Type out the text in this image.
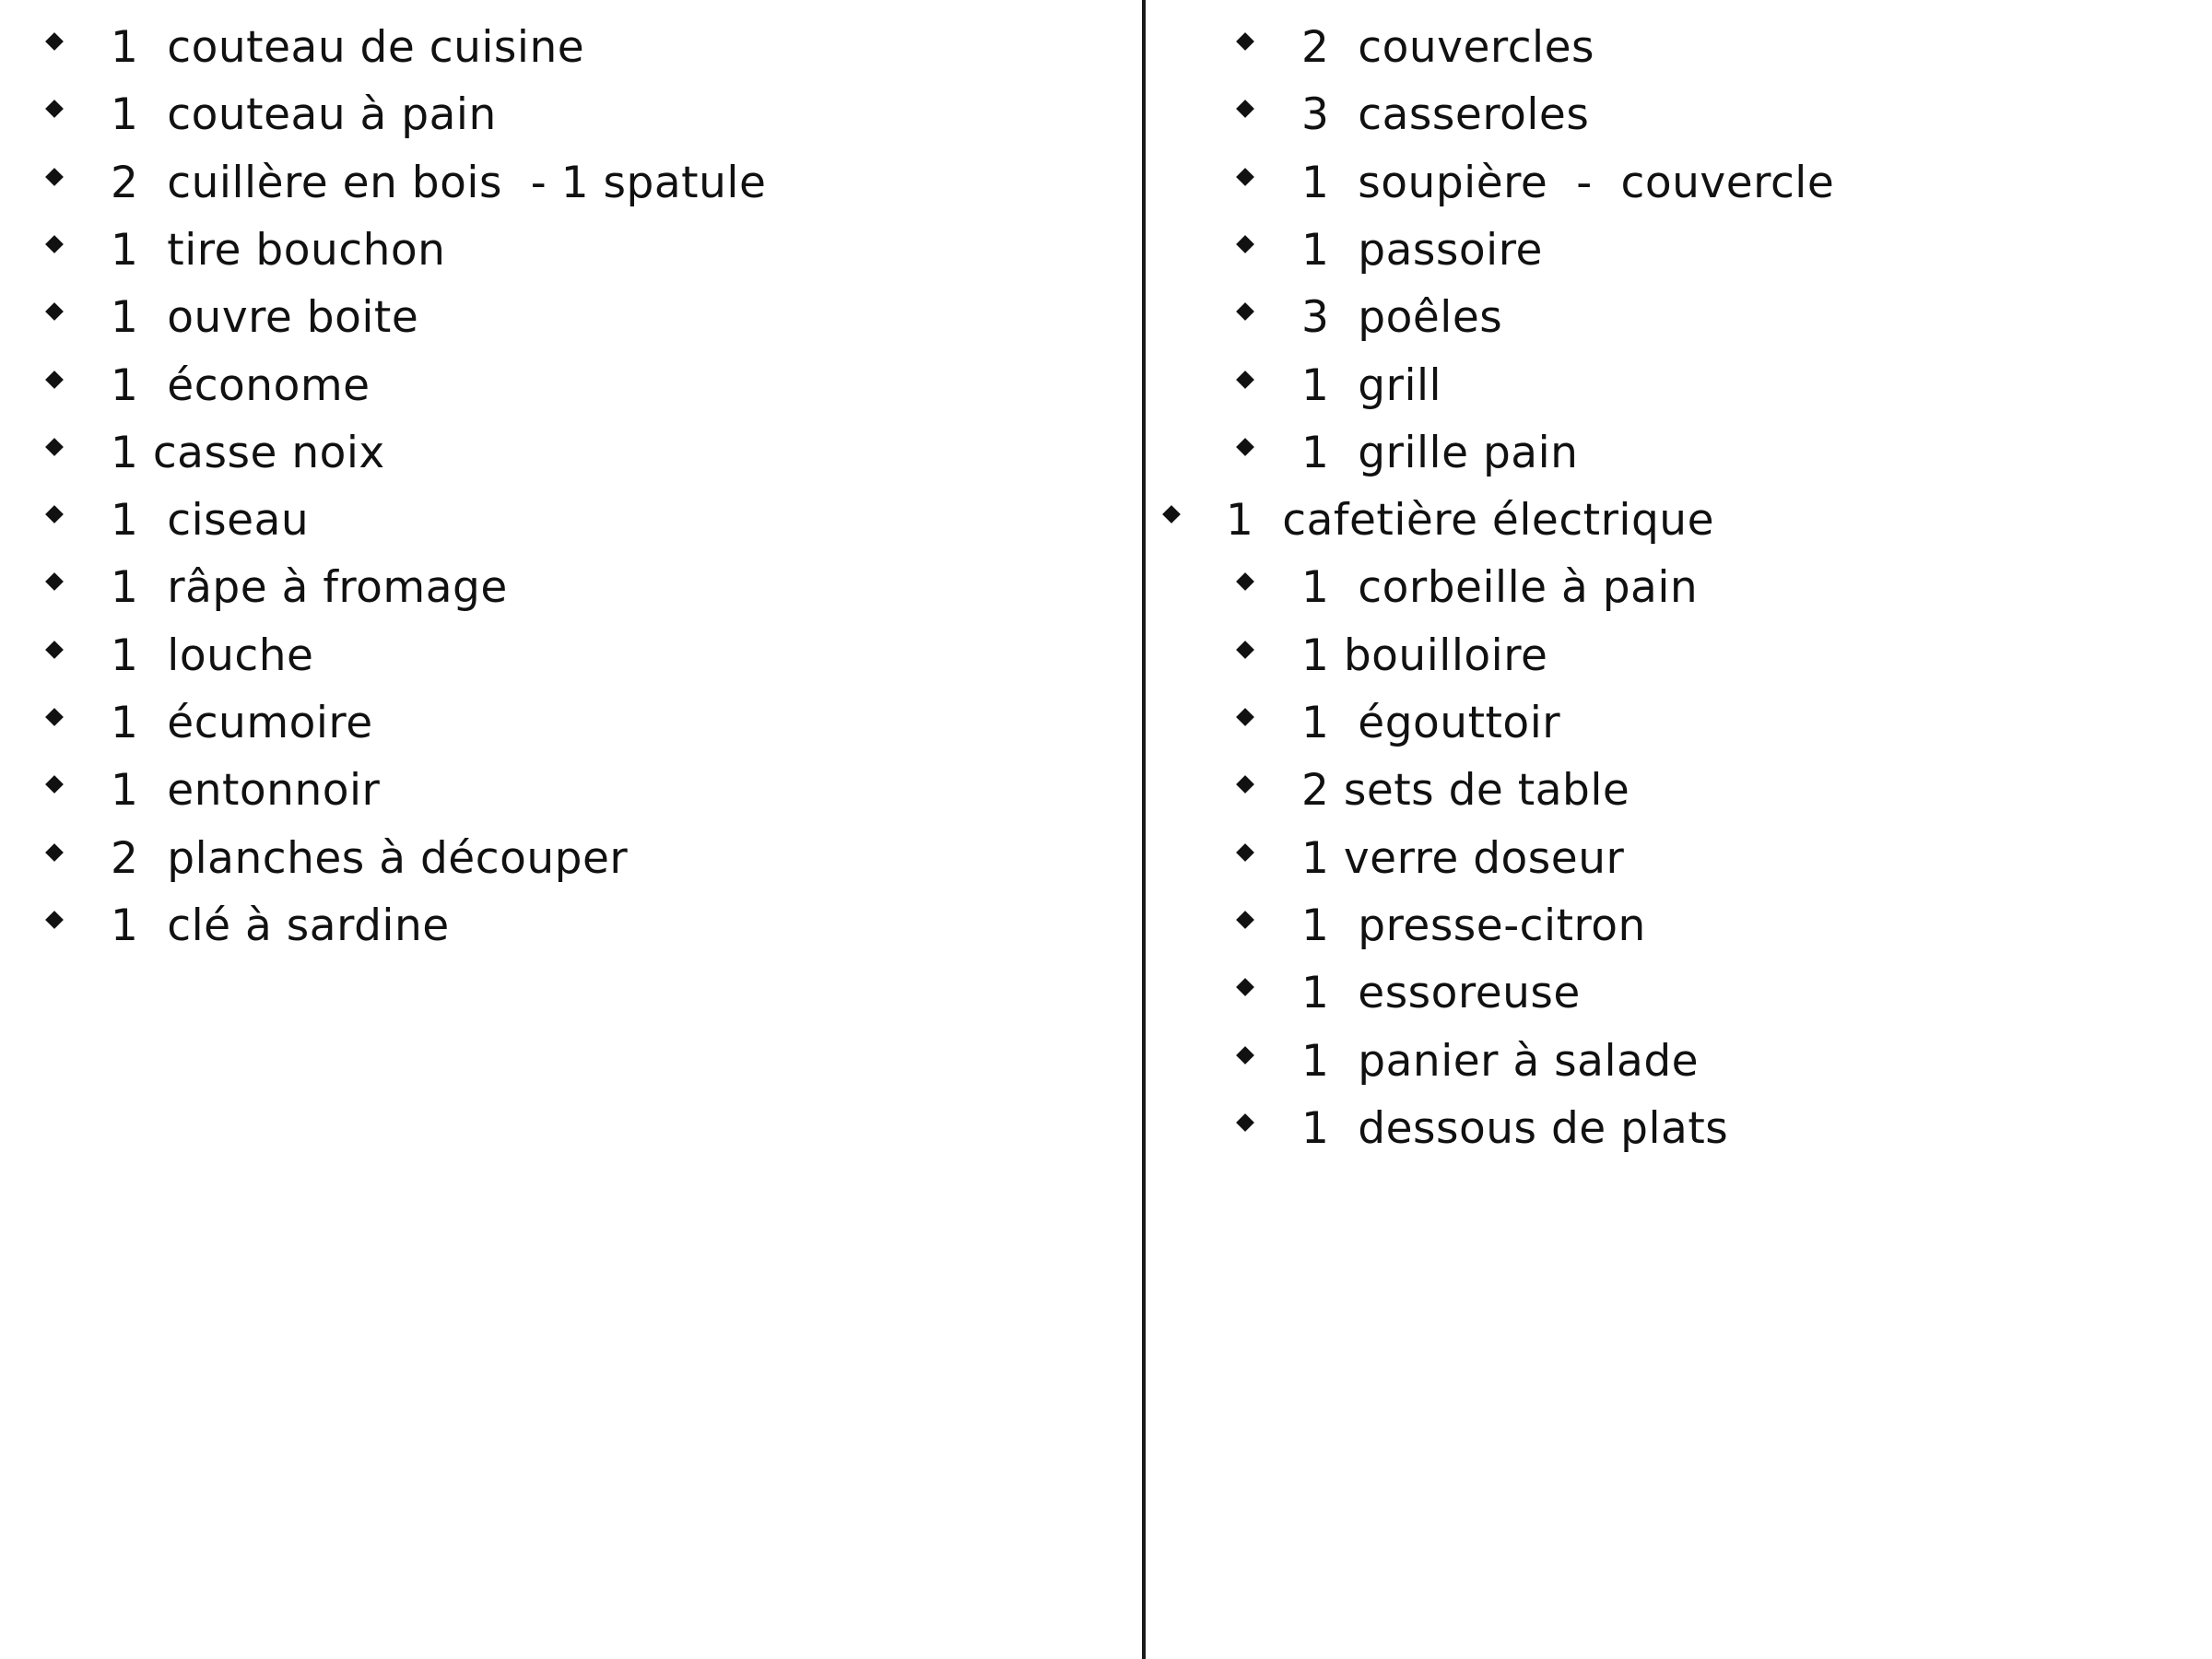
1  couteau de cuisine
1  couteau à pain
2  cuillère en bois  - 1 spatule
1  tire bouchon
1  ouvre boite
1  économe
1 casse noix
1  ciseau
1  râpe à fromage
1  louche
1  écumoire
1  entonnoir
2  planches à découper
1  clé à sardine
2  couvercles
3  casseroles
1  soupière  -  couvercle
1  passoire
3  poêles
1  grill
1  grille pain
1  cafetière électrique
1  corbeille à pain
1 bouilloire
1  égouttoir
2 sets de table
1 verre doseur
1  presse-citron
1  essoreuse
1  panier à salade
1  dessous de plats
